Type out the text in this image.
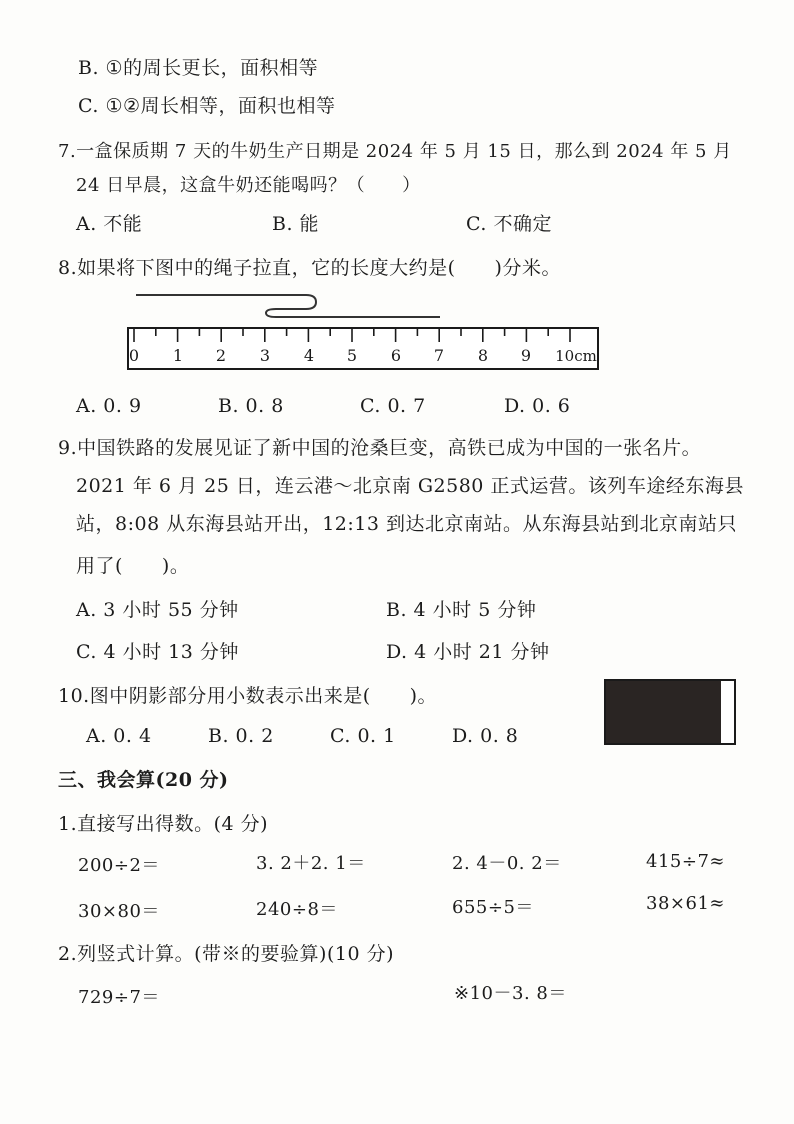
B. ①的周长更长，面积相等
C. ①②周长相等，面积也相等
7.一盒保质期 7 天的牛奶生产日期是 2024 年 5 月 15 日，那么到 2024 年 5 月
24 日早晨，这盒牛奶还能喝吗？（　　）
A. 不能	B. 能	C. 不确定
8.如果将下图中的绳子拉直，它的长度大约是(　　)分米。
0 1 2 3 4 5 6 7 8 9 10cm
A. 0. 9	B. 0. 8	C. 0. 7	D. 0. 6
9.中国铁路的发展见证了新中国的沧桑巨变，高铁已成为中国的一张名片。
2021 年 6 月 25 日，连云港～北京南 G2580 正式运营。该列车途经东海县
站，8:08 从东海县站开出，12:13 到达北京南站。从东海县站到北京南站只
用了(　　)。
A. 3 小时 55 分钟	B. 4 小时 5 分钟
C. 4 小时 13 分钟	D. 4 小时 21 分钟
10.图中阴影部分用小数表示出来是(　　)。
A. 0. 4	B. 0. 2	C. 0. 1	D. 0. 8
三、我会算(20 分)
1.直接写出得数。(4 分)
200÷2＝	3. 2＋2. 1＝	2. 4－0. 2＝	415÷7≈
30×80＝	240÷8＝	655÷5＝	38×61≈
2.列竖式计算。(带※的要验算)(10 分)
729÷7＝	※10－3. 8＝
